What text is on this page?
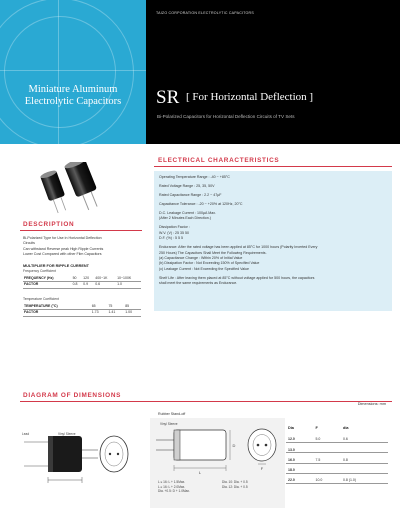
Miniature Aluminum
Electrolytic Capacitors
TAIZO CORPORATION ELECTROLYTIC CAPACITORS
SR [ For Horizontal Deflection ]
Bi-Polarized Capacitors for Horizontal Deflection Circuits of TV Sets
ELECTRICAL CHARACTERISTICS
Operating Temperature Range : -40 ~ +85°C
Rated Voltage Range : 25, 35, 50V
Rated Capacitance Range : 2.2 ~ 47μF
Capacitance Tolerance : -20 ~ +20% at 120Hz, 20°C
D.C. Leakage Current : 100μA Max.
(After 2 Minutes Each Direction.)
Dissipation Factor :
W.V. (V) : 25 35 50
D.F. (%) : 5 5 5
Endurance: After the rated voltage has been applied at 85°C for 1000 hours (Polarity Inverted Every
250 Hours) The Capacitors Shall Meet the Following Requirements.
(a) Capacitance Change : Within 20% of Initial Value
(b) Dissipation Factor : Not Exceeding 150% of Specified Value
(c) Leakage Current : Not Exceeding the Specified Value
Shelf Life : After leaving them placed at 85°C without voltage applied for 500 hours, the capacitors
shall meet the same requirements as Endurance.
DESCRIPTION
Bi-Polarized Type for Use in Horizontal Deflection
Circuits
Can withstand Reverse peak High Ripple Currents
Lower Cost Compared with other Film Capacitors
MULTIPLIER FOR RIPPLE CURRENT
Frequency Coefficient
FREQUENCY (Hz)	50	120	400~1K	10~100K
FACTOR	0.8	0.9	0.6	1.0
Temperature Coefficient
TEMPERATURE (°C)	65	75	85
FACTOR	1.73	1.41	1.00
DIAGRAM OF DIMENSIONS
Dimensions: mm
Rubber Stand-off
Lead	Vinyl Sleeve
L
D
F
Vinyl Sleeve
L ≤ 16: L + 1.5Max.
L ≥ 16: L + 2.0Max.
Dia. +0.5: D + 1.0Max.
Dia. 10: Dia. + 0.5
Dia. 12: Dia. + 0.5
Dia	F	dia
12.0	5.0	0.6
13.0		
16.0	7.5	0.8
18.0		
22.0	10.0	0.8 (1.0)
